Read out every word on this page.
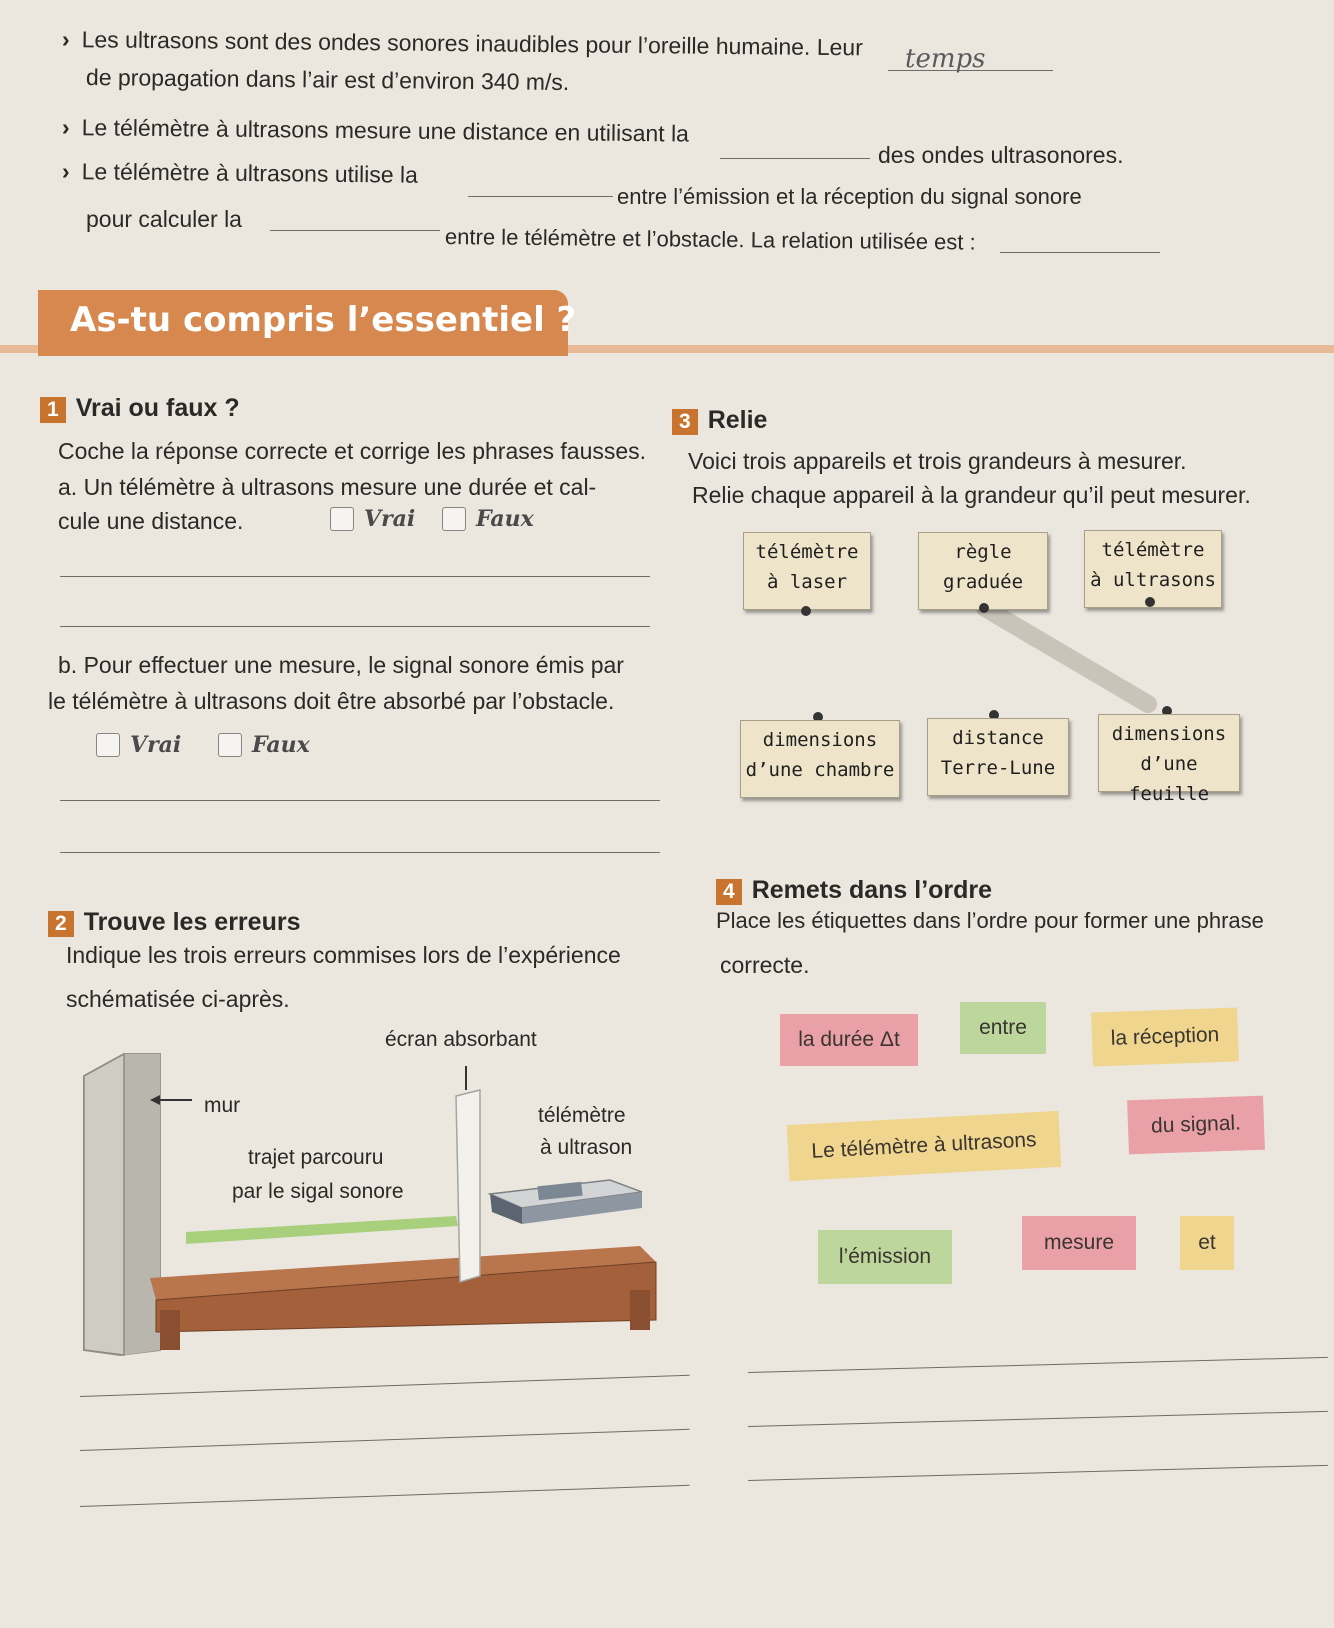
› Les ultrasons sont des ondes sonores inaudibles pour l’oreille humaine. Leur temps
de propagation dans l’air est d’environ 340 m/s.
› Le télémètre à ultrasons mesure une distance en utilisant la
des ondes ultrasonores.
› Le télémètre à ultrasons utilise la
entre l’émission et la réception du signal sonore
pour calculer la
entre le télémètre et l’obstacle. La relation utilisée est :
As-tu compris l’essentiel ?
1 Vrai ou faux ?
Coche la réponse correcte et corrige les phrases fausses.
a. Un télémètre à ultrasons mesure une durée et cal-
cule une distance.	Vrai	Faux
b. Pour effectuer une mesure, le signal sonore émis par
le télémètre à ultrasons doit être absorbé par l’obstacle.
Vrai	Faux
2 Trouve les erreurs
Indique les trois erreurs commises lors de l’expérience
schématisée ci-après.
écran absorbant
mur	télémètre
à ultrason
trajet parcouru
par le sigal sonore
3 Relie
Voici trois appareils et trois grandeurs à mesurer.
Relie chaque appareil à la grandeur qu’il peut mesurer.
télémètre
à laser
règle
graduée
télémètre
à ultrasons
dimensions
d’une chambre
distance
Terre-Lune
dimensions
d’une feuille
4 Remets dans l’ordre
Place les étiquettes dans l’ordre pour former une phrase
correcte.
la durée Δt
entre	la réception
Le télémètre à ultrasons
du signal.
l’émission
mesure	et
